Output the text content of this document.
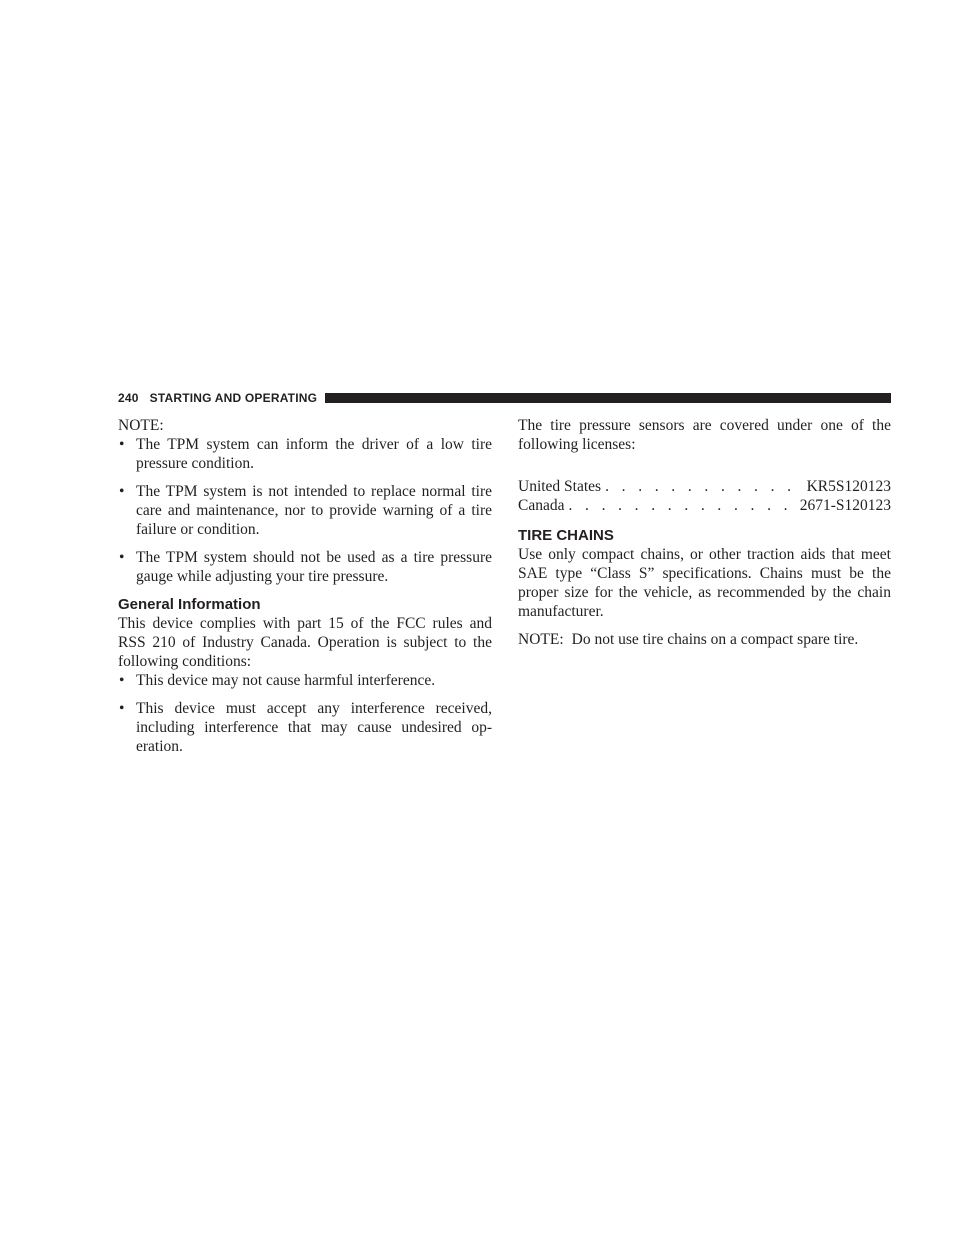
240 STARTING AND OPERATING

NOTE:

• The TPM system can inform the driver of a low tire pressure condition.
• The TPM system is not intended to replace normal tire care and maintenance, nor to provide warning of a tire failure or condition.
• The TPM system should not be used as a tire pressure gauge while adjusting your tire pressure.
General Information

This device complies with part 15 of the FCC rules and RSS 210 of Industry Canada. Operation is subject to the following conditions:

• This device may not cause harmful interference.
• This device must accept any interference received, including interference that may cause undesired op-eration.

The tire pressure sensors are covered under one of the following licenses:

United States . . .	KR5S120123
Canada . . .	2671-S120123
TIRE CHAINS

Use only compact chains, or other traction aids that meet SAE type “Class S” specifications. Chains must be the proper size for the vehicle, as recommended by the chain manufacturer.

NOTE: Do not use tire chains on a compact spare tire.
